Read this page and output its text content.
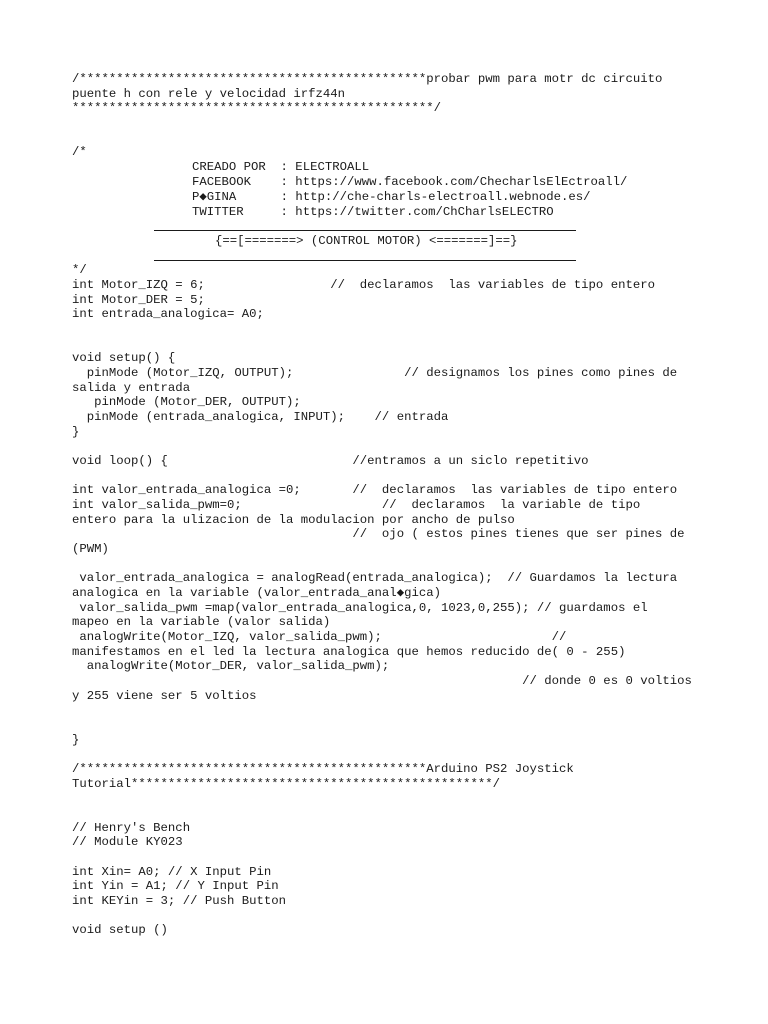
/***********************************************probar pwm para motr dc circuito
puente h con rele y velocidad irfz44n
*************************************************/
/*
CREADO POR  : ELECTROALL
FACEBOOK    : https://www.facebook.com/ChecharlsElEctroall/
P◆GINA      : http://che-charls-electroall.webnode.es/
TWITTER     : https://twitter.com/ChCharlsELECTRO
{==[=======> (CONTROL MOTOR) <=======]==}
*/
int Motor_IZQ = 6;                 //  declaramos  las variables de tipo entero
int Motor_DER = 5;
int entrada_analogica= A0;
void setup() {
pinMode (Motor_IZQ, OUTPUT);               // designamos los pines como pines de
salida y entrada
pinMode (Motor_DER, OUTPUT);
pinMode (entrada_analogica, INPUT);    // entrada
}
void loop() {                         //entramos a un siclo repetitivo
int valor_entrada_analogica =0;       //  declaramos  las variables de tipo entero
int valor_salida_pwm=0;                   //  declaramos  la variable de tipo
entero para la ulizacion de la modulacion por ancho de pulso
//  ojo ( estos pines tienes que ser pines de
(PWM)
valor_entrada_analogica = analogRead(entrada_analogica);  // Guardamos la lectura
analogica en la variable (valor_entrada_anal◆gica)
valor_salida_pwm =map(valor_entrada_analogica,0, 1023,0,255); // guardamos el
mapeo en la variable (valor salida)
analogWrite(Motor_IZQ, valor_salida_pwm);                       //
manifestamos en el led la lectura analogica que hemos reducido de( 0 - 255)
analogWrite(Motor_DER, valor_salida_pwm);
// donde 0 es 0 voltios
y 255 viene ser 5 voltios
}
/***********************************************Arduino PS2 Joystick
Tutorial*************************************************/
// Henry's Bench
// Module KY023
int Xin= A0; // X Input Pin
int Yin = A1; // Y Input Pin
int KEYin = 3; // Push Button
void setup ()
